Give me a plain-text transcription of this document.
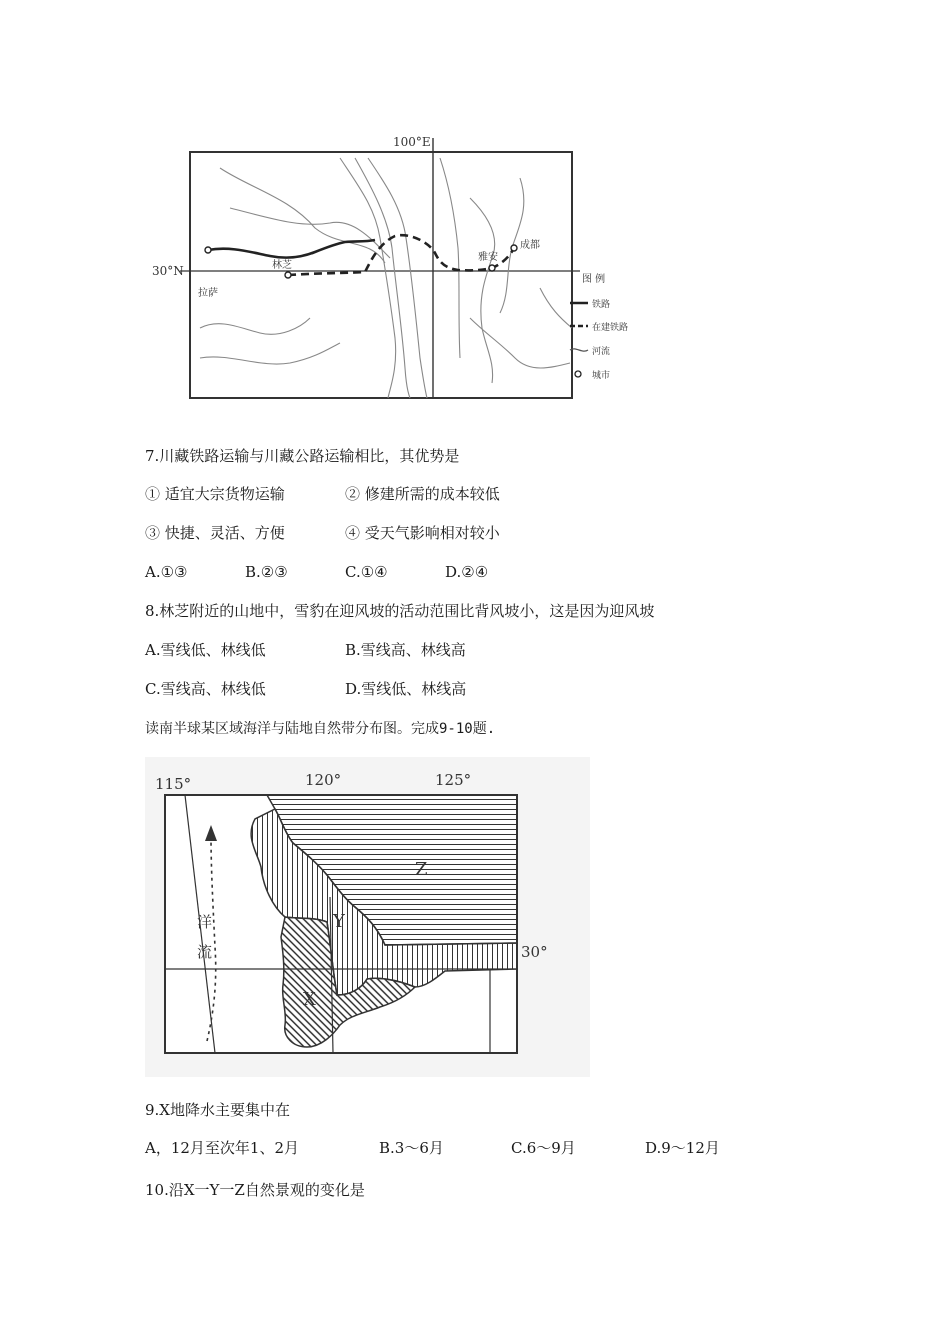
100°E
30°N
拉萨
林芝
雅安
成都
图 例
铁路
在建铁路
河流
城市
7.川藏铁路运输与川藏公路运输相比，其优势是
① 适宜大宗货物运输	② 修建所需的成本较低
③ 快捷、灵活、方便	④ 受天气影响相对较小
A.①③	B.②③	C.①④	D.②④
8.林芝附近的山地中，雪豹在迎风坡的活动范围比背风坡小，这是因为迎风坡
A.雪线低、林线低	B.雪线高、林线高
C.雪线高、林线低	D.雪线低、林线高
读南半球某区域海洋与陆地自然带分布图。完成9-10题.
115°	120°	125°
30°
Z
Y
X
洋
流
9.X地降水主要集中在
A，12月至次年1、2月	B.3～6月	C.6～9月	D.9～12月
10.沿X一Y一Z自然景观的变化是
